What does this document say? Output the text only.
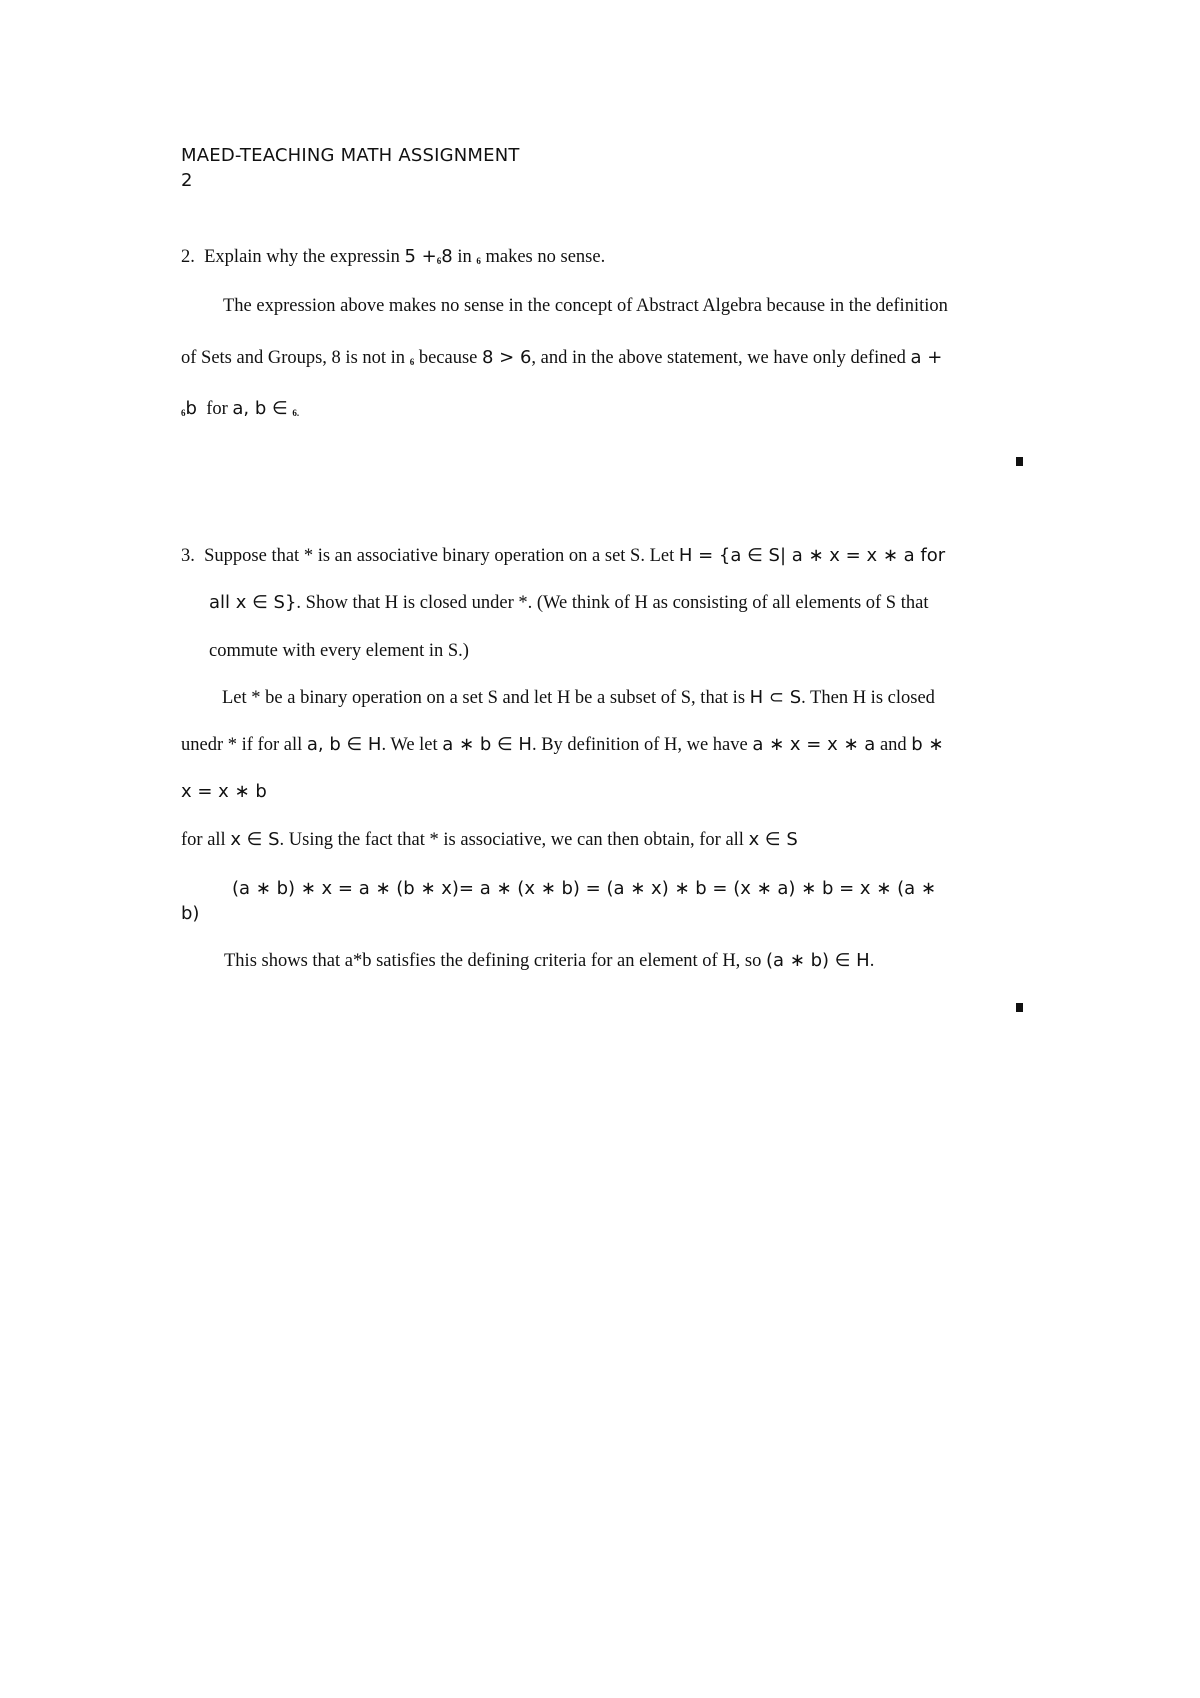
MAED-TEACHING MATH ASSIGNMENT
2
2. Explain why the expressin $5 +_68$ in $_6$ makes no sense.
The expression above makes no sense in the concept of Abstract Algebra because in the definition
of Sets and Groups, 8 is not in $_6$ because 8 > 6, and in the above statement, we have only defined a +
$_6$b for a, b ∈ $_{6.}$
3. Suppose that * is an associative binary operation on a set S. Let H = {a ∈ S| a ∗ x = x ∗ a for
all x ∈ S}. Show that H is closed under *. (We think of H as consisting of all elements of S that
commute with every element in S.)
Let * be a binary operation on a set S and let H be a subset of S, that is H ⊂ S. Then H is closed
unedr * if for all a, b ∈ H. We let a ∗ b ∈ H. By definition of H, we have a ∗ x = x ∗ a and b ∗
x = x ∗ b
for all x ∈ S. Using the fact that * is associative, we can then obtain, for all x ∈ S
(a ∗ b) ∗ x = a ∗ (b ∗ x)= a ∗ (x ∗ b) = (a ∗ x) ∗ b = (x ∗ a) ∗ b = x ∗ (a ∗
b)
This shows that a*b satisfies the defining criteria for an element of H, so (a ∗ b) ∈ H.
